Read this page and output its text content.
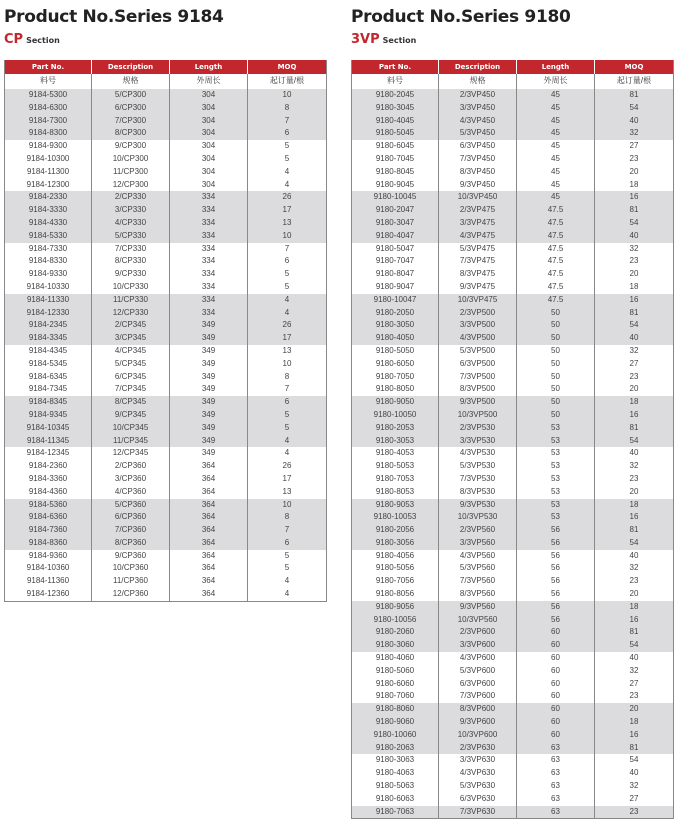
Product No.Series 9184
CP Section
Part No.	Description	Length	MOQ
料号	规格	外周长	起订量/根
9184-5300	5/CP300	304	10
9184-6300	6/CP300	304	8
9184-7300	7/CP300	304	7
9184-8300	8/CP300	304	6
9184-9300	9/CP300	304	5
9184-10300	10/CP300	304	5
9184-11300	11/CP300	304	4
9184-12300	12/CP300	304	4
9184-2330	2/CP330	334	26
9184-3330	3/CP330	334	17
9184-4330	4/CP330	334	13
9184-5330	5/CP330	334	10
9184-7330	7/CP330	334	7
9184-8330	8/CP330	334	6
9184-9330	9/CP330	334	5
9184-10330	10/CP330	334	5
9184-11330	11/CP330	334	4
9184-12330	12/CP330	334	4
9184-2345	2/CP345	349	26
9184-3345	3/CP345	349	17
9184-4345	4/CP345	349	13
9184-5345	5/CP345	349	10
9184-6345	6/CP345	349	8
9184-7345	7/CP345	349	7
9184-8345	8/CP345	349	6
9184-9345	9/CP345	349	5
9184-10345	10/CP345	349	5
9184-11345	11/CP345	349	4
9184-12345	12/CP345	349	4
9184-2360	2/CP360	364	26
9184-3360	3/CP360	364	17
9184-4360	4/CP360	364	13
9184-5360	5/CP360	364	10
9184-6360	6/CP360	364	8
9184-7360	7/CP360	364	7
9184-8360	8/CP360	364	6
9184-9360	9/CP360	364	5
9184-10360	10/CP360	364	5
9184-11360	11/CP360	364	4
9184-12360	12/CP360	364	4
Product No.Series 9180
3VP Section
Part No.	Description	Length	MOQ
料号	规格	外周长	起订量/根
9180-2045	2/3VP450	45	81
9180-3045	3/3VP450	45	54
9180-4045	4/3VP450	45	40
9180-5045	5/3VP450	45	32
9180-6045	6/3VP450	45	27
9180-7045	7/3VP450	45	23
9180-8045	8/3VP450	45	20
9180-9045	9/3VP450	45	18
9180-10045	10/3VP450	45	16
9180-2047	2/3VP475	47.5	81
9180-3047	3/3VP475	47.5	54
9180-4047	4/3VP475	47.5	40
9180-5047	5/3VP475	47.5	32
9180-7047	7/3VP475	47.5	23
9180-8047	8/3VP475	47.5	20
9180-9047	9/3VP475	47.5	18
9180-10047	10/3VP475	47.5	16
9180-2050	2/3VP500	50	81
9180-3050	3/3VP500	50	54
9180-4050	4/3VP500	50	40
9180-5050	5/3VP500	50	32
9180-6050	6/3VP500	50	27
9180-7050	7/3VP500	50	23
9180-8050	8/3VP500	50	20
9180-9050	9/3VP500	50	18
9180-10050	10/3VP500	50	16
9180-2053	2/3VP530	53	81
9180-3053	3/3VP530	53	54
9180-4053	4/3VP530	53	40
9180-5053	5/3VP530	53	32
9180-7053	7/3VP530	53	23
9180-8053	8/3VP530	53	20
9180-9053	9/3VP530	53	18
9180-10053	10/3VP530	53	16
9180-2056	2/3VP560	56	81
9180-3056	3/3VP560	56	54
9180-4056	4/3VP560	56	40
9180-5056	5/3VP560	56	32
9180-7056	7/3VP560	56	23
9180-8056	8/3VP560	56	20
9180-9056	9/3VP560	56	18
9180-10056	10/3VP560	56	16
9180-2060	2/3VP600	60	81
9180-3060	3/3VP600	60	54
9180-4060	4/3VP600	60	40
9180-5060	5/3VP600	60	32
9180-6060	6/3VP600	60	27
9180-7060	7/3VP600	60	23
9180-8060	8/3VP600	60	20
9180-9060	9/3VP600	60	18
9180-10060	10/3VP600	60	16
9180-2063	2/3VP630	63	81
9180-3063	3/3VP630	63	54
9180-4063	4/3VP630	63	40
9180-5063	5/3VP630	63	32
9180-6063	6/3VP630	63	27
9180-7063	7/3VP630	63	23
